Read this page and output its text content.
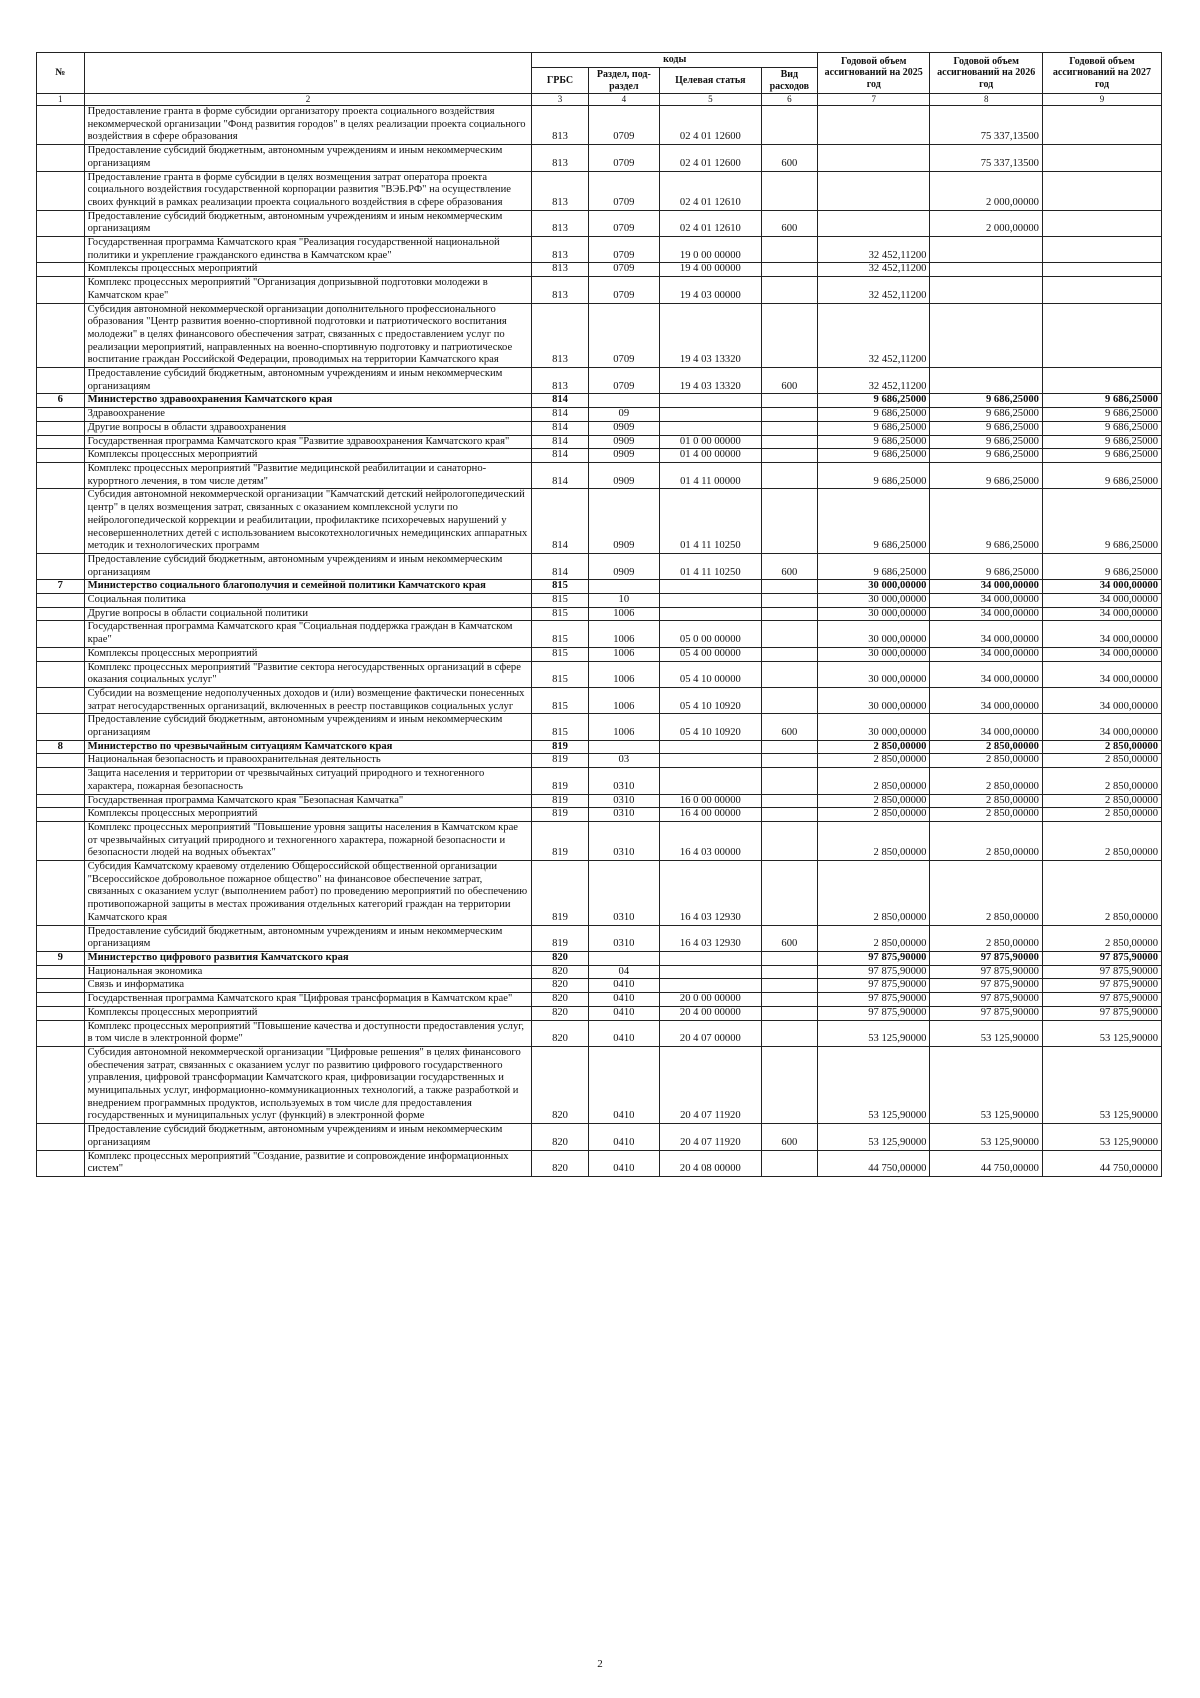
№		коды				Годовой объем ассигнований на 2025 год	Годовой объем ассигнований на 2026 год	Годовой объем ассигнований на 2027 год
		ГРБС	Раздел, под-раздел	Целевая статья	Вид расходов			
1	2	3	4	5	6	7	8	9
	Предоставление гранта в форме субсидии организатору проекта социального воздействия некоммерческой организации "Фонд развития городов" в целях реализации проекта социального воздействия в сфере образования	813	0709	02 4 01 12600			75 337,13500	
	Предоставление субсидий бюджетным, автономным учреждениям и иным некоммерческим организациям	813	0709	02 4 01 12600	600		75 337,13500	
	Предоставление гранта в форме субсидии в целях возмещения затрат оператора проекта социального воздействия государственной корпорации развития "ВЭБ.РФ" на осуществление своих функций в рамках реализации проекта социального воздействия в сфере образования	813	0709	02 4 01 12610			2 000,00000	
	Предоставление субсидий бюджетным, автономным учреждениям и иным некоммерческим организациям	813	0709	02 4 01 12610	600		2 000,00000	
	Государственная программа Камчатского края "Реализация государственной национальной политики и укрепление гражданского единства в Камчатском крае"	813	0709	19 0 00 00000		32 452,11200		
	Комплексы процессных мероприятий	813	0709	19 4 00 00000		32 452,11200		
	Комплекс процессных мероприятий "Организация допризывной подготовки молодежи в Камчатском крае"	813	0709	19 4 03 00000		32 452,11200		
	Субсидия автономной некоммерческой организации дополнительного профессионального образования "Центр развития военно-спортивной подготовки и патриотического воспитания молодежи" в целях финансового обеспечения затрат, связанных с предоставлением услуг по реализации мероприятий, направленных на военно-спортивную подготовку и патриотическое воспитание граждан Российской Федерации, проводимых на территории Камчатского края	813	0709	19 4 03 13320		32 452,11200		
	Предоставление субсидий бюджетным, автономным учреждениям и иным некоммерческим организациям	813	0709	19 4 03 13320	600	32 452,11200		
6	Министерство здравоохранения Камчатского края	814				9 686,25000	9 686,25000	9 686,25000
	Здравоохранение	814	09			9 686,25000	9 686,25000	9 686,25000
	Другие вопросы в области здравоохранения	814	0909			9 686,25000	9 686,25000	9 686,25000
	Государственная программа Камчатского края "Развитие здравоохранения Камчатского края"	814	0909	01 0 00 00000		9 686,25000	9 686,25000	9 686,25000
	Комплексы процессных мероприятий	814	0909	01 4 00 00000		9 686,25000	9 686,25000	9 686,25000
	Комплекс процессных мероприятий "Развитие медицинской реабилитации и санаторно-курортного лечения, в том числе детям"	814	0909	01 4 11 00000		9 686,25000	9 686,25000	9 686,25000
	Субсидия автономной некоммерческой организации "Камчатский детский нейрологопедический центр" в целях возмещения затрат, связанных с оказанием комплексной услуги по нейрологопедической коррекции и реабилитации, профилактике психоречевых нарушений у несовершеннолетних детей с использованием высокотехнологичных немедицинских аппаратных методик и технологических программ	814	0909	01 4 11 10250		9 686,25000	9 686,25000	9 686,25000
	Предоставление субсидий бюджетным, автономным учреждениям и иным некоммерческим организациям	814	0909	01 4 11 10250	600	9 686,25000	9 686,25000	9 686,25000
7	Министерство социального благополучия и семейной политики Камчатского края	815				30 000,00000	34 000,00000	34 000,00000
	Социальная политика	815	10			30 000,00000	34 000,00000	34 000,00000
	Другие вопросы в области социальной политики	815	1006			30 000,00000	34 000,00000	34 000,00000
	Государственная программа Камчатского края "Социальная поддержка граждан в Камчатском крае"	815	1006	05 0 00 00000		30 000,00000	34 000,00000	34 000,00000
	Комплексы процессных мероприятий	815	1006	05 4 00 00000		30 000,00000	34 000,00000	34 000,00000
	Комплекс процессных мероприятий "Развитие сектора негосударственных организаций в сфере оказания социальных услуг"	815	1006	05 4 10 00000		30 000,00000	34 000,00000	34 000,00000
	Субсидии на возмещение недополученных доходов и (или) возмещение фактически понесенных затрат негосударственных организаций, включенных в реестр поставщиков социальных услуг	815	1006	05 4 10 10920		30 000,00000	34 000,00000	34 000,00000
	Предоставление субсидий бюджетным, автономным учреждениям и иным некоммерческим организациям	815	1006	05 4 10 10920	600	30 000,00000	34 000,00000	34 000,00000
8	Министерство по чрезвычайным ситуациям Камчатского края	819				2 850,00000	2 850,00000	2 850,00000
	Национальная безопасность и правоохранительная деятельность	819	03			2 850,00000	2 850,00000	2 850,00000
	Защита населения и территории от чрезвычайных ситуаций природного и техногенного характера, пожарная безопасность	819	0310			2 850,00000	2 850,00000	2 850,00000
	Государственная программа Камчатского края "Безопасная Камчатка"	819	0310	16 0 00 00000		2 850,00000	2 850,00000	2 850,00000
	Комплексы процессных мероприятий	819	0310	16 4 00 00000		2 850,00000	2 850,00000	2 850,00000
	Комплекс процессных мероприятий "Повышение уровня защиты населения в Камчатском крае от чрезвычайных ситуаций природного и техногенного характера, пожарной безопасности и безопасности людей на водных объектах"	819	0310	16 4 03 00000		2 850,00000	2 850,00000	2 850,00000
	Субсидия Камчатскому краевому отделению Общероссийской общественной организации "Всероссийское добровольное пожарное общество" на финансовое обеспечение затрат, связанных с оказанием услуг (выполнением работ) по проведению мероприятий по обеспечению противопожарной защиты в местах проживания отдельных категорий граждан на территории Камчатского края	819	0310	16 4 03 12930		2 850,00000	2 850,00000	2 850,00000
	Предоставление субсидий бюджетным, автономным учреждениям и иным некоммерческим организациям	819	0310	16 4 03 12930	600	2 850,00000	2 850,00000	2 850,00000
9	Министерство цифрового развития Камчатского края	820				97 875,90000	97 875,90000	97 875,90000
	Национальная экономика	820	04			97 875,90000	97 875,90000	97 875,90000
	Связь и информатика	820	0410			97 875,90000	97 875,90000	97 875,90000
	Государственная программа Камчатского края "Цифровая трансформация в Камчатском крае"	820	0410	20 0 00 00000		97 875,90000	97 875,90000	97 875,90000
	Комплексы процессных мероприятий	820	0410	20 4 00 00000		97 875,90000	97 875,90000	97 875,90000
	Комплекс процессных мероприятий "Повышение качества и доступности предоставления услуг, в том числе в электронной форме"	820	0410	20 4 07 00000		53 125,90000	53 125,90000	53 125,90000
	Субсидия автономной некоммерческой организации "Цифровые решения" в целях финансового обеспечения затрат, связанных с оказанием услуг по развитию цифрового государственного управления, цифровой трансформации Камчатского края, цифровизации государственных и муниципальных услуг, информационно-коммуникационных технологий, а также разработкой и внедрением программных продуктов, используемых в том числе для предоставления государственных и муниципальных услуг (функций) в электронной форме	820	0410	20 4 07 11920		53 125,90000	53 125,90000	53 125,90000
	Предоставление субсидий бюджетным, автономным учреждениям и иным некоммерческим организациям	820	0410	20 4 07 11920	600	53 125,90000	53 125,90000	53 125,90000
	Комплекс процессных мероприятий "Создание, развитие и сопровождение информационных систем"	820	0410	20 4 08 00000		44 750,00000	44 750,00000	44 750,00000
2
